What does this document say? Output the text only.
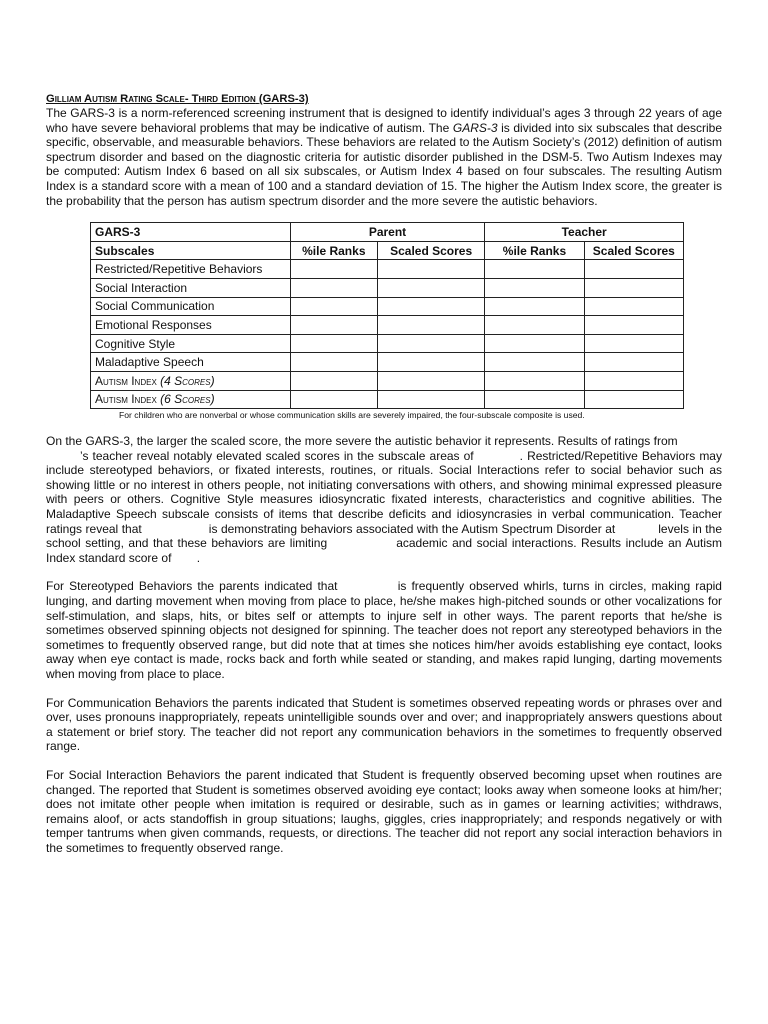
Gilliam Autism Rating Scale- Third Edition (GARS-3)

The GARS-3 is a norm-referenced screening instrument that is designed to identify individual’s ages 3 through 22 years of age who have severe behavioral problems that may be indicative of autism. The GARS-3 is divided into six subscales that describe specific, observable, and measurable behaviors. These behaviors are related to the Autism Society’s (2012) definition of autism spectrum disorder and based on the diagnostic criteria for autistic disorder published in the DSM-5. Two Autism Indexes may be computed: Autism Index 6 based on all six subscales, or Autism Index 4 based on four subscales. The resulting Autism Index is a standard score with a mean of 100 and a standard deviation of 15. The higher the Autism Index score, the greater is the probability that the person has autism spectrum disorder and the more severe the autistic behaviors.

GARS-3	Parent		Teacher	
Subscales	%ile Ranks	Scaled Scores	%ile Ranks	Scaled Scores
Restricted/Repetitive Behaviors				
Social Interaction				
Social Communication				
Emotional Responses				
Cognitive Style				
Maladaptive Speech				
Autism Index (4 Scores)				
Autism Index (6 Scores)				
For children who are nonverbal or whose communication skills are severely impaired, the four-subscale composite is used.

On the GARS-3, the larger the scaled score, the more severe the autistic behavior it represents. Results of ratings from
’s teacher reveal notably elevated scaled scores in the subscale areas of	. Restricted/Repetitive Behaviors may include stereotyped behaviors, or fixated interests, routines, or rituals. Social Interactions refer to social behavior such as showing little or no interest in others people, not initiating conversations with others, and showing minimal expressed pleasure with peers or others. Cognitive Style measures idiosyncratic fixated interests, characteristics and cognitive abilities. The Maladaptive Speech subscale consists of items that describe deficits and idiosyncrasies in verbal communication. Teacher ratings reveal that	is demonstrating behaviors associated with the Autism Spectrum Disorder at	levels in the school setting, and that these behaviors are limiting	academic and social interactions. Results include an Autism Index standard score of .

For Stereotyped Behaviors the parents indicated that	is frequently observed whirls, turns in circles, making rapid lunging, and darting movement when moving from place to place, he/she makes high-pitched sounds or other vocalizations for self-stimulation, and slaps, hits, or bites self or attempts to injure self in other ways. The parent reports that he/she is sometimes observed spinning objects not designed for spinning. The teacher does not report any stereotyped behaviors in the sometimes to frequently observed range, but did note that at times she notices him/her avoids establishing eye contact, looks away when eye contact is made, rocks back and forth while seated or standing, and makes rapid lunging, darting movements when moving from place to place.

For Communication Behaviors the parents indicated that Student is sometimes observed repeating words or phrases over and over, uses pronouns inappropriately, repeats unintelligible sounds over and over; and inappropriately answers questions about a statement or brief story. The teacher did not report any communication behaviors in the sometimes to frequently observed range.

For Social Interaction Behaviors the parent indicated that Student is frequently observed becoming upset when routines are changed. The reported that Student is sometimes observed avoiding eye contact; looks away when someone looks at him/her; does not imitate other people when imitation is required or desirable, such as in games or learning activities; withdraws, remains aloof, or acts standoffish in group situations; laughs, giggles, cries inappropriately; and responds negatively or with temper tantrums when given commands, requests, or directions. The teacher did not report any social interaction behaviors in the sometimes to frequently observed range.
